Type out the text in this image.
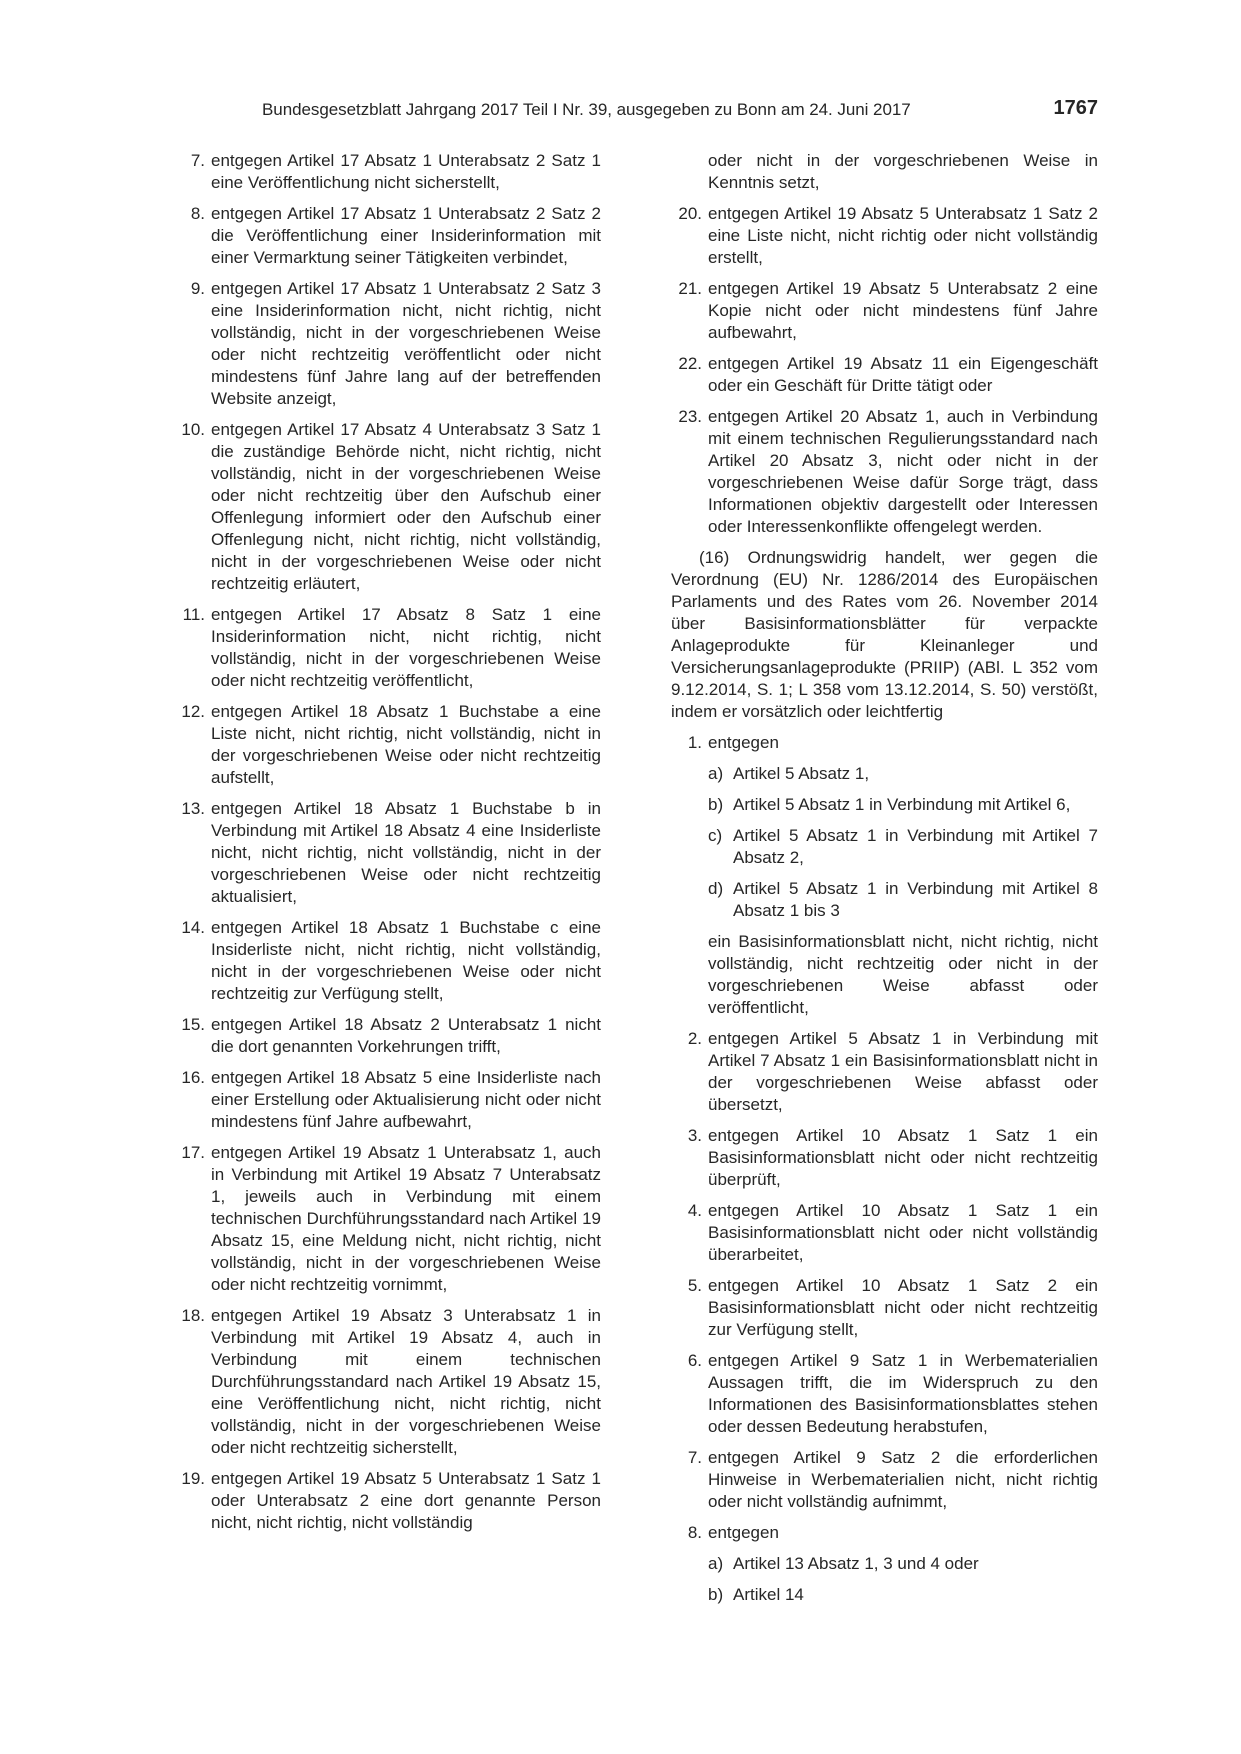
Bundesgesetzblatt Jahrgang 2017 Teil I Nr. 39, ausgegeben zu Bonn am 24. Juni 2017	1767
7. entgegen Artikel 17 Absatz 1 Unterabsatz 2 Satz 1 eine Veröffentlichung nicht sicherstellt,
8. entgegen Artikel 17 Absatz 1 Unterabsatz 2 Satz 2 die Veröffentlichung einer Insiderinformation mit einer Vermarktung seiner Tätigkeiten verbindet,
9. entgegen Artikel 17 Absatz 1 Unterabsatz 2 Satz 3 eine Insiderinformation nicht, nicht richtig, nicht vollständig, nicht in der vorgeschriebenen Weise oder nicht rechtzeitig veröffentlicht oder nicht mindestens fünf Jahre lang auf der betreffenden Website anzeigt,
10. entgegen Artikel 17 Absatz 4 Unterabsatz 3 Satz 1 die zuständige Behörde nicht, nicht richtig, nicht vollständig, nicht in der vorgeschriebenen Weise oder nicht rechtzeitig über den Aufschub einer Offenlegung informiert oder den Aufschub einer Offenlegung nicht, nicht richtig, nicht vollständig, nicht in der vorgeschriebenen Weise oder nicht rechtzeitig erläutert,
11. entgegen Artikel 17 Absatz 8 Satz 1 eine Insiderinformation nicht, nicht richtig, nicht vollständig, nicht in der vorgeschriebenen Weise oder nicht rechtzeitig veröffentlicht,
12. entgegen Artikel 18 Absatz 1 Buchstabe a eine Liste nicht, nicht richtig, nicht vollständig, nicht in der vorgeschriebenen Weise oder nicht rechtzeitig aufstellt,
13. entgegen Artikel 18 Absatz 1 Buchstabe b in Verbindung mit Artikel 18 Absatz 4 eine Insiderliste nicht, nicht richtig, nicht vollständig, nicht in der vorgeschriebenen Weise oder nicht rechtzeitig aktualisiert,
14. entgegen Artikel 18 Absatz 1 Buchstabe c eine Insiderliste nicht, nicht richtig, nicht vollständig, nicht in der vorgeschriebenen Weise oder nicht rechtzeitig zur Verfügung stellt,
15. entgegen Artikel 18 Absatz 2 Unterabsatz 1 nicht die dort genannten Vorkehrungen trifft,
16. entgegen Artikel 18 Absatz 5 eine Insiderliste nach einer Erstellung oder Aktualisierung nicht oder nicht mindestens fünf Jahre aufbewahrt,
17. entgegen Artikel 19 Absatz 1 Unterabsatz 1, auch in Verbindung mit Artikel 19 Absatz 7 Unterabsatz 1, jeweils auch in Verbindung mit einem technischen Durchführungsstandard nach Artikel 19 Absatz 15, eine Meldung nicht, nicht richtig, nicht vollständig, nicht in der vorgeschriebenen Weise oder nicht rechtzeitig vornimmt,
18. entgegen Artikel 19 Absatz 3 Unterabsatz 1 in Verbindung mit Artikel 19 Absatz 4, auch in Verbindung mit einem technischen Durchführungsstandard nach Artikel 19 Absatz 15, eine Veröffentlichung nicht, nicht richtig, nicht vollständig, nicht in der vorgeschriebenen Weise oder nicht rechtzeitig sicherstellt,
19. entgegen Artikel 19 Absatz 5 Unterabsatz 1 Satz 1 oder Unterabsatz 2 eine dort genannte Person nicht, nicht richtig, nicht vollständig
oder nicht in der vorgeschriebenen Weise in Kenntnis setzt,
20. entgegen Artikel 19 Absatz 5 Unterabsatz 1 Satz 2 eine Liste nicht, nicht richtig oder nicht vollständig erstellt,
21. entgegen Artikel 19 Absatz 5 Unterabsatz 2 eine Kopie nicht oder nicht mindestens fünf Jahre aufbewahrt,
22. entgegen Artikel 19 Absatz 11 ein Eigengeschäft oder ein Geschäft für Dritte tätigt oder
23. entgegen Artikel 20 Absatz 1, auch in Verbindung mit einem technischen Regulierungsstandard nach Artikel 20 Absatz 3, nicht oder nicht in der vorgeschriebenen Weise dafür Sorge trägt, dass Informationen objektiv dargestellt oder Interessen oder Interessenkonflikte offengelegt werden.
(16) Ordnungswidrig handelt, wer gegen die Verordnung (EU) Nr. 1286/2014 des Europäischen Parlaments und des Rates vom 26. November 2014 über Basisinformationsblätter für verpackte Anlageprodukte für Kleinanleger und Versicherungsanlageprodukte (PRIIP) (ABl. L 352 vom 9.12.2014, S. 1; L 358 vom 13.12.2014, S. 50) verstößt, indem er vorsätzlich oder leichtfertig
1. entgegen
a) Artikel 5 Absatz 1,
b) Artikel 5 Absatz 1 in Verbindung mit Artikel 6,
c) Artikel 5 Absatz 1 in Verbindung mit Artikel 7 Absatz 2,
d) Artikel 5 Absatz 1 in Verbindung mit Artikel 8 Absatz 1 bis 3
ein Basisinformationsblatt nicht, nicht richtig, nicht vollständig, nicht rechtzeitig oder nicht in der vorgeschriebenen Weise abfasst oder veröffentlicht,
2. entgegen Artikel 5 Absatz 1 in Verbindung mit Artikel 7 Absatz 1 ein Basisinformationsblatt nicht in der vorgeschriebenen Weise abfasst oder übersetzt,
3. entgegen Artikel 10 Absatz 1 Satz 1 ein Basisinformationsblatt nicht oder nicht rechtzeitig überprüft,
4. entgegen Artikel 10 Absatz 1 Satz 1 ein Basisinformationsblatt nicht oder nicht vollständig überarbeitet,
5. entgegen Artikel 10 Absatz 1 Satz 2 ein Basisinformationsblatt nicht oder nicht rechtzeitig zur Verfügung stellt,
6. entgegen Artikel 9 Satz 1 in Werbematerialien Aussagen trifft, die im Widerspruch zu den Informationen des Basisinformationsblattes stehen oder dessen Bedeutung herabstufen,
7. entgegen Artikel 9 Satz 2 die erforderlichen Hinweise in Werbematerialien nicht, nicht richtig oder nicht vollständig aufnimmt,
8. entgegen
a) Artikel 13 Absatz 1, 3 und 4 oder
b) Artikel 14
